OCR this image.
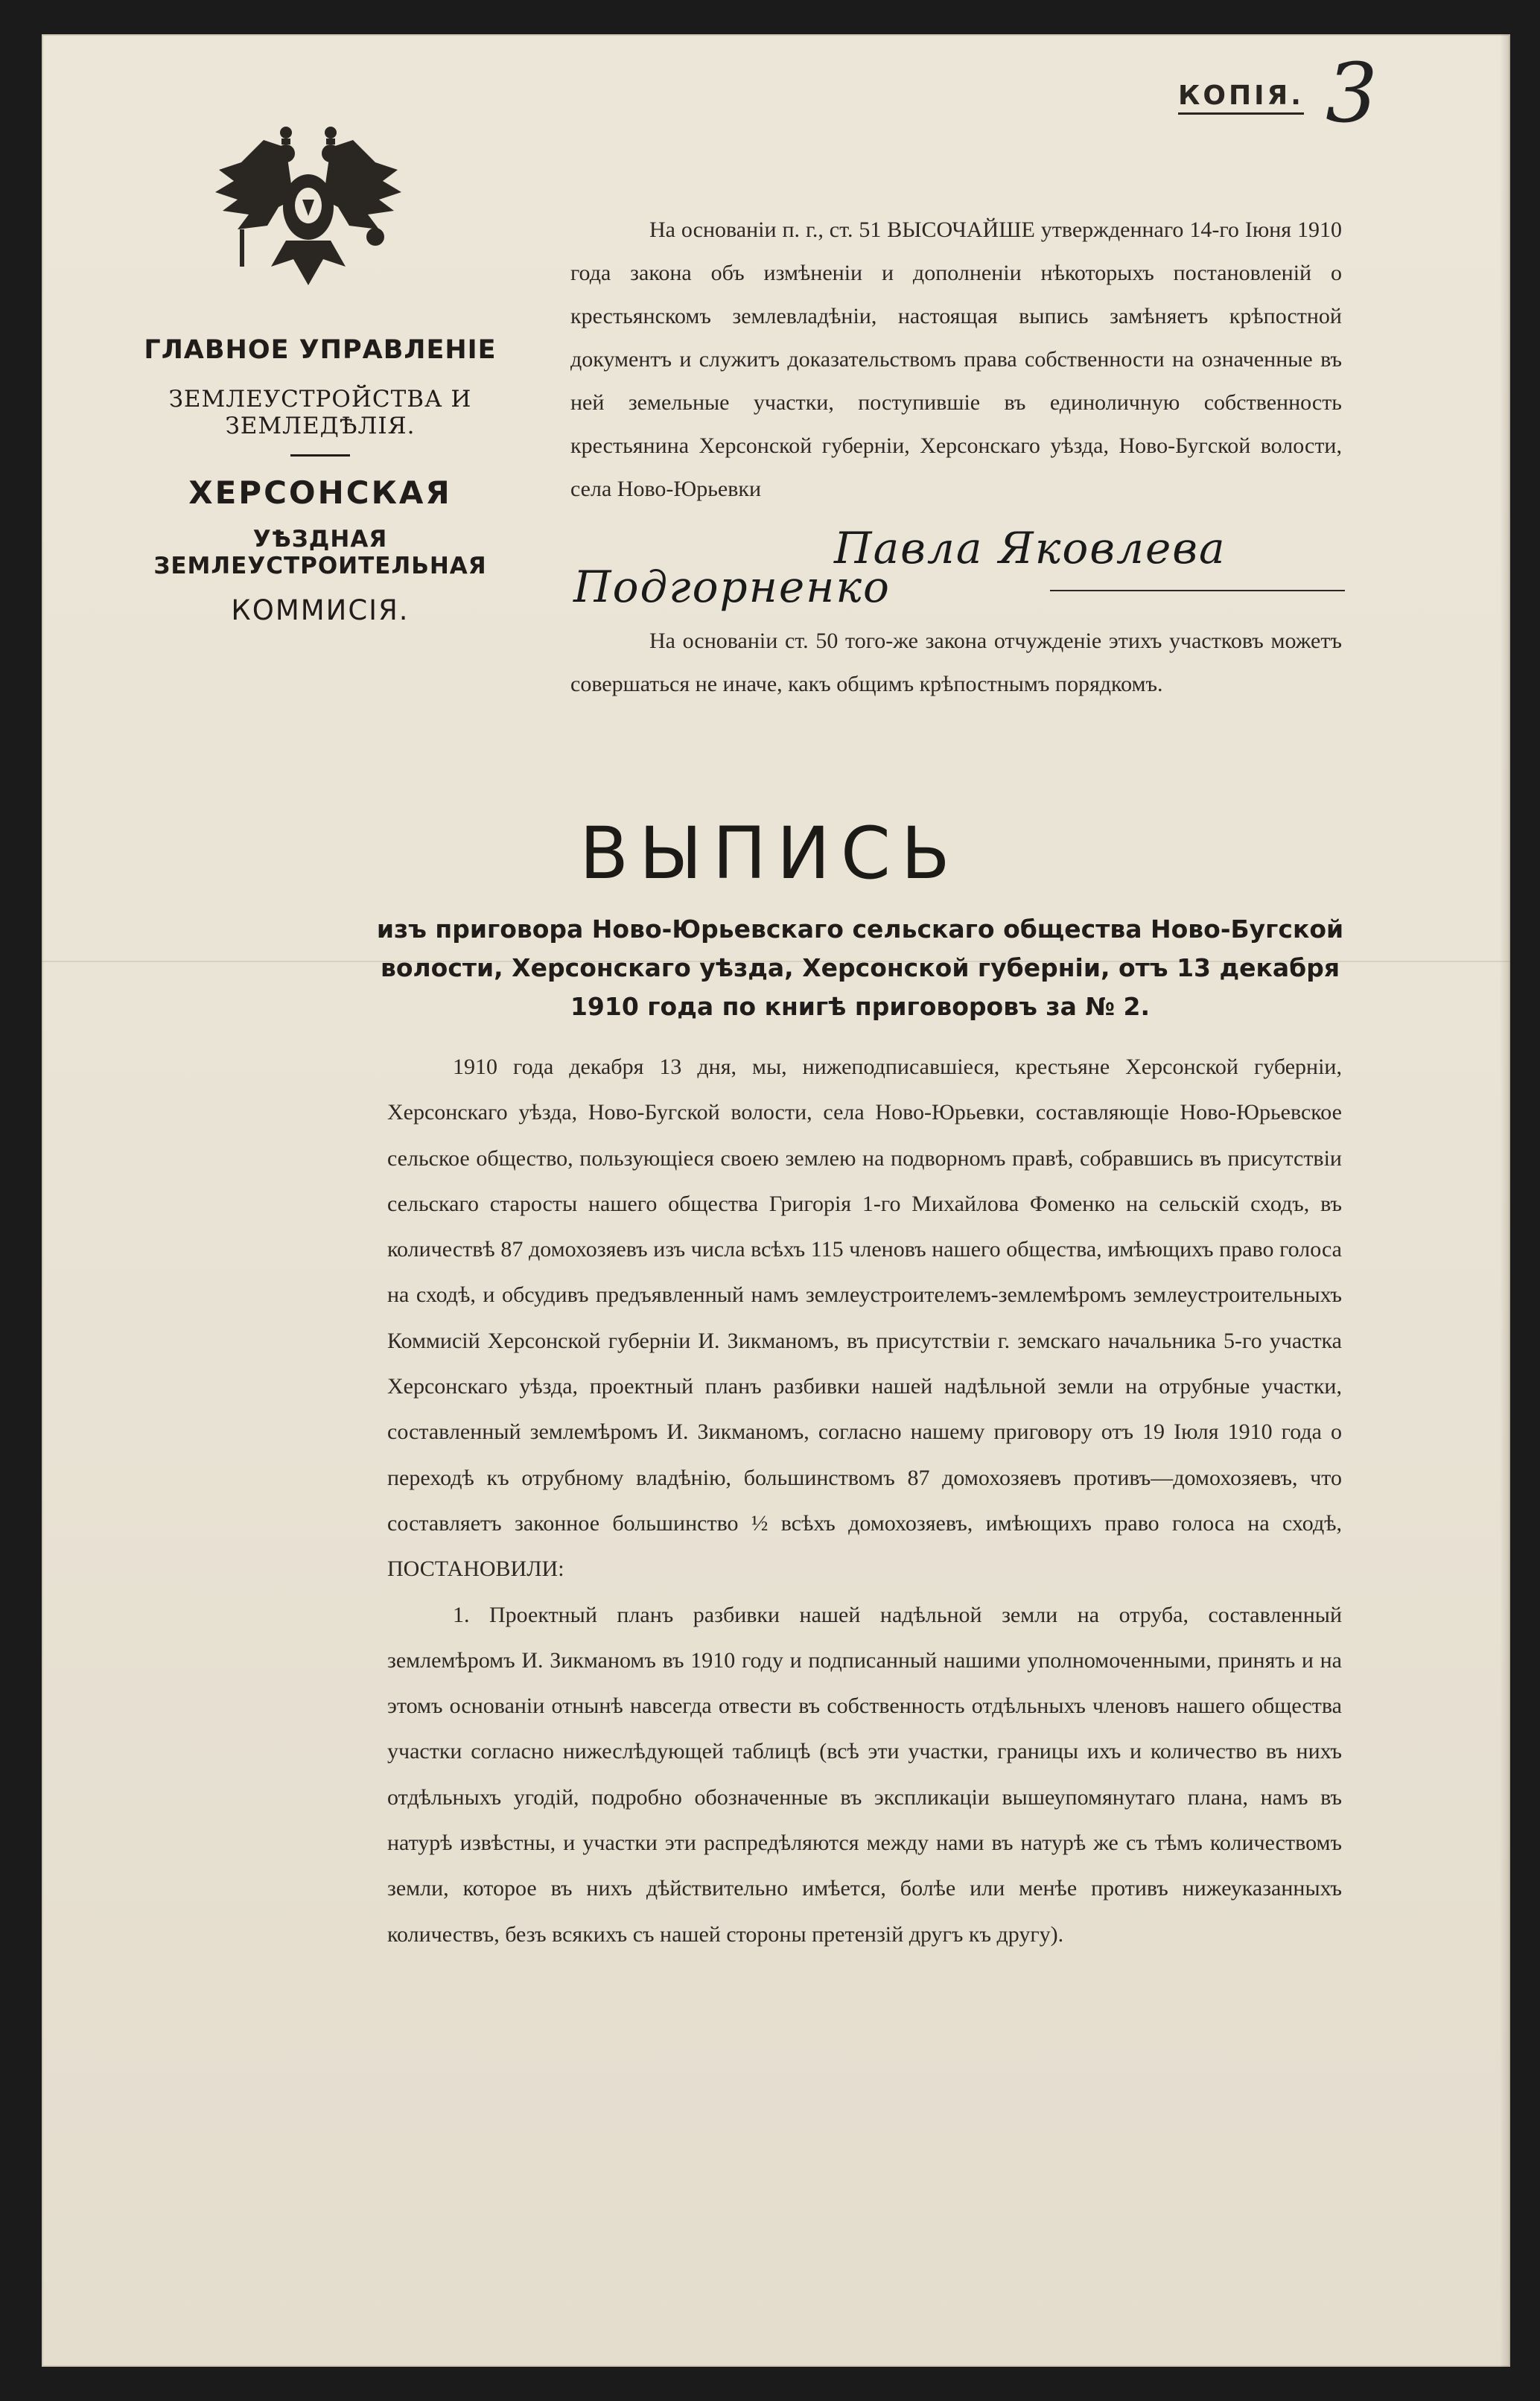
КОПІЯ. 3
ГЛАВНОЕ УПРАВЛЕНІЕ
ЗЕМЛЕУСТРОЙСТВА И ЗЕМЛЕДѢЛІЯ.
ХЕРСОНСКАЯ
УѢЗДНАЯ ЗЕМЛЕУСТРОИТЕЛЬНАЯ
КОММИСІЯ.

На основаніи п. г., ст. 51 ВЫСОЧАЙШЕ утвержденнаго 14-го Іюня 1910 года закона объ измѣненіи и дополненіи нѣкоторыхъ постановленій о крестьянскомъ землевладѣніи, настоящая выпись замѣняетъ крѣпостной документъ и служитъ доказательствомъ права собственности на означенные въ ней земельные участки, поступившіе въ единоличную собственность крестьянина Херсонской губерніи, Херсонскаго уѣзда, Ново-Бугской волости, села Ново-Юрьевки

Павла Яковлева
Подгорненко

На основаніи ст. 50 того-же закона отчужденіе этихъ участковъ можетъ совершаться не иначе, какъ общимъ крѣпостнымъ порядкомъ.

ВЫПИСЬ
изъ приговора Ново-Юрьевскаго сельскаго общества Ново-Бугской волости, Херсонскаго уѣзда, Херсонской губерніи, отъ 13 декабря 1910 года по книгѣ приговоровъ за № 2.

1910 года декабря 13 дня, мы, нижеподписавшіеся, крестьяне Херсонской губерніи, Херсонскаго уѣзда, Ново-Бугской волости, села Ново-Юрьевки, составляющіе Ново-Юрьевское сельское общество, пользующіеся своею землею на подворномъ правѣ, собравшись въ присутствіи сельскаго старосты нашего общества Григорія 1-го Михайлова Фоменко на сельскій сходъ, въ количествѣ 87 домохозяевъ изъ числа всѣхъ 115 членовъ нашего общества, имѣющихъ право голоса на сходѣ, и обсудивъ предъявленный намъ землеустроителемъ-землемѣромъ землеустроительныхъ Коммисій Херсонской губерніи И. Зикманомъ, въ присутствіи г. земскаго начальника 5-го участка Херсонскаго уѣзда, проектный планъ разбивки нашей надѣльной земли на отрубные участки, составленный землемѣромъ И. Зикманомъ, согласно нашему приговору отъ 19 Іюля 1910 года о переходѣ къ отрубному владѣнію, большинствомъ 87 домохозяевъ противъ—домохозяевъ, что составляетъ законное большинство ½ всѣхъ домохозяевъ, имѣющихъ право голоса на сходѣ, ПОСТАНОВИЛИ:

1. Проектный планъ разбивки нашей надѣльной земли на отруба, составленный землемѣромъ И. Зикманомъ въ 1910 году и подписанный нашими уполномоченными, принять и на этомъ основаніи отнынѣ навсегда отвести въ собственность отдѣльныхъ членовъ нашего общества участки согласно нижеслѣдующей таблицѣ (всѣ эти участки, границы ихъ и количество въ нихъ отдѣльныхъ угодій, подробно обозначенные въ экспликаціи вышеупомянутаго плана, намъ въ натурѣ извѣстны, и участки эти распредѣляются между нами въ натурѣ же съ тѣмъ количествомъ земли, которое въ нихъ дѣйствительно имѣется, болѣе или менѣе противъ нижеуказанныхъ количествъ, безъ всякихъ съ нашей стороны претензій другъ къ другу).
